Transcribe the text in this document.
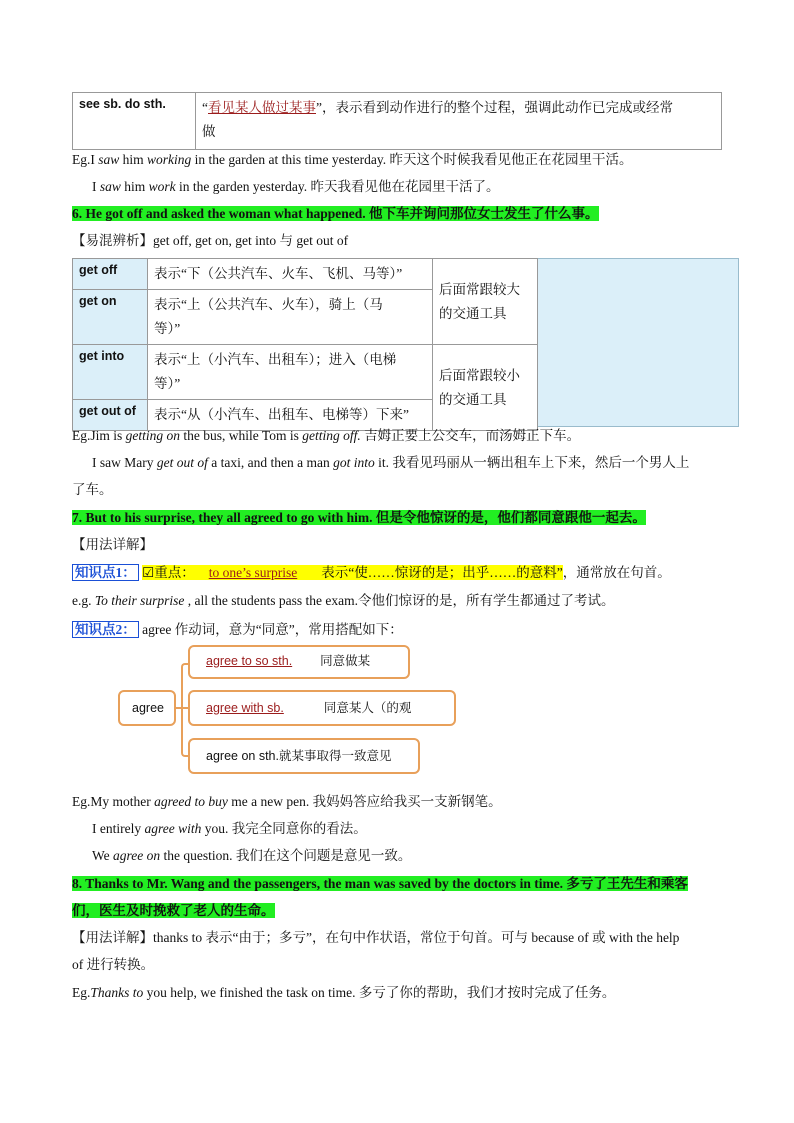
see sb. do sth.	“看见某人做过某事”，表示看到动作进行的整个过程，强调此动作已完成或经常
做
Eg.I saw him working in the garden at this time yesterday. 昨天这个时候我看见他正在花园里干活。
I saw him work in the garden yesterday. 昨天我看见他在花园里干活了。
6. He got off and asked the woman what happened. 他下车并询问那位女士发生了什么事。
【易混辨析】get off, get on, get into 与 get out of
get off	表示“下（公共汽车、火车、飞机、马等）”	后面常跟较大
的交通工具
get on	表示“上（公共汽车、火车），骑上（马
等）”	
get into	表示“上（小汽车、出租车）；进入（电梯
等）”	后面常跟较小
的交通工具
get out of	表示“从（小汽车、出租车、电梯等）下来”	
Eg.Jim is getting on the bus, while Tom is getting off. 吉姆正要上公交车，而汤姆正下车。
I saw Mary get out of a taxi, and then a man got into it. 我看见玛丽从一辆出租车上下来，然后一个男人上
了车。
7. But to his surprise, they all agreed to go with him. 但是令他惊讶的是，他们都同意跟他一起去。
【用法详解】
知识点1： ☑重点： to one’s surprise 表示“使……惊讶的是；出乎……的意料”，通常放在句首。
e.g. To their surprise , all the students pass the exam.令他们惊讶的是，所有学生都通过了考试。
知识点2： agree 作动词，意为“同意”，常用搭配如下：
agree
agree to so sth. 同意做某
agree with sb.	同意某人（的观
agree on sth.就某事取得一致意见
Eg.My mother agreed to buy me a new pen. 我妈妈答应给我买一支新钢笔。
I entirely agree with you. 我完全同意你的看法。
We agree on the question. 我们在这个问题是意见一致。
8. Thanks to Mr. Wang and the passengers, the man was saved by the doctors in time. 多亏了王先生和乘客
们，医生及时挽救了老人的生命。
【用法详解】thanks to 表示“由于；多亏”，在句中作状语，常位于句首。可与 because of 或 with the help
of 进行转换。
Eg.Thanks to you help, we finished the task on time. 多亏了你的帮助，我们才按时完成了任务。
